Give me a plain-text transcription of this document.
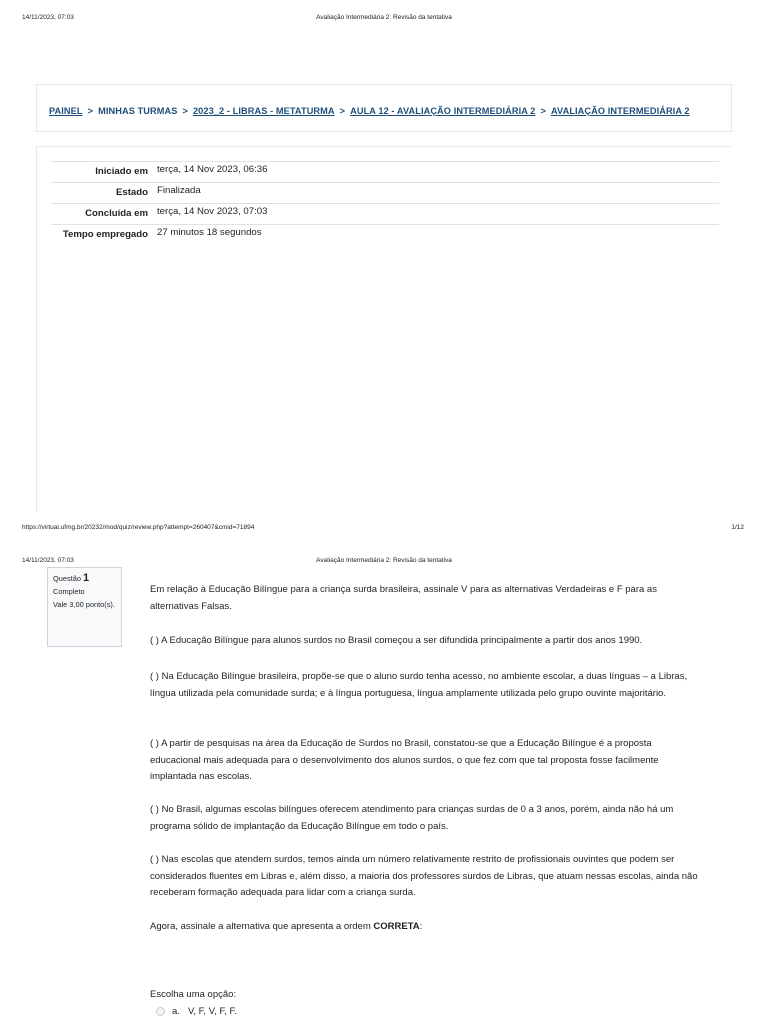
14/11/2023, 07:03	Avaliação Intermediária 2: Revisão da tentativa
PAINEL > MINHAS TURMAS > 2023_2 - LIBRAS - METATURMA > AULA 12 - AVALIAÇÃO INTERMEDIÁRIA 2 > AVALIAÇÃO INTERMEDIÁRIA 2
Iniciado em	terça, 14 Nov 2023, 06:36
Estado	Finalizada
Concluída em	terça, 14 Nov 2023, 07:03
Tempo empregado	27 minutos 18 segundos
https://virtual.ufmg.br/20232/mod/quiz/review.php?attempt=260407&cmid=71894	1/12
14/11/2023, 07:03	Avaliação Intermediária 2: Revisão da tentativa
Questão 1
Completo
Vale 3,00 ponto(s).

Em relação à Educação Bilíngue para a criança surda brasileira, assinale V para as alternativas Verdadeiras e F para as alternativas Falsas.

( ) A Educação Bilíngue para alunos surdos no Brasil começou a ser difundida principalmente a partir dos anos 1990.

( ) Na Educação Bilíngue brasileira, propõe-se que o aluno surdo tenha acesso, no ambiente escolar, a duas línguas – a Libras, língua utilizada pela comunidade surda; e à língua portuguesa, língua amplamente utilizada pelo grupo ouvinte majoritário.

( ) A partir de pesquisas na área da Educação de Surdos no Brasil, constatou-se que a Educação Bilíngue é a proposta educacional mais adequada para o desenvolvimento dos alunos surdos, o que fez com que tal proposta fosse facilmente implantada nas escolas.

( ) No Brasil, algumas escolas bilíngues oferecem atendimento para crianças surdas de 0 a 3 anos, porém, ainda não há um programa sólido de implantação da Educação Bilíngue em todo o país.

( ) Nas escolas que atendem surdos, temos ainda um número relativamente restrito de profissionais ouvintes que podem ser considerados fluentes em Libras e, além disso, a maioria dos professores surdos de Libras, que atuam nessas escolas, ainda não receberam formação adequada para lidar com a criança surda.

Agora, assinale a alternativa que apresenta a ordem CORRETA:

Escolha uma opção:

a. V, F, V, F, F.
